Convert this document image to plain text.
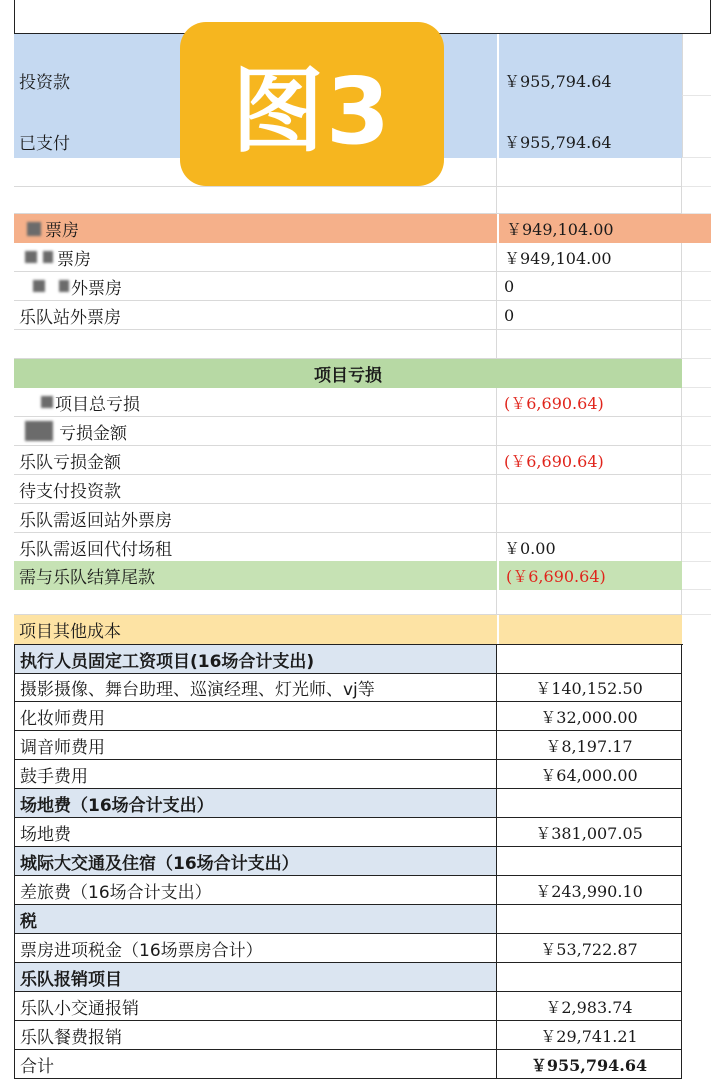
投资款	￥955,794.64
已支付	￥955,794.64
票房	￥949,104.00
票房	￥949,104.00
外票房	0
乐队站外票房	0
项目亏损
项目总亏损	(￥6,690.64)
亏损金额
乐队亏损金额	(￥6,690.64)
待支付投资款
乐队需返回站外票房
乐队需返回代付场租	￥0.00
需与乐队结算尾款	(￥6,690.64)
项目其他成本
执行人员固定工资项目(16场合计支出)
摄影摄像、舞台助理、巡演经理、灯光师、vj等	￥140,152.50
化妆师费用	￥32,000.00
调音师费用	￥8,197.17
鼓手费用	￥64,000.00
场地费（16场合计支出）
场地费	￥381,007.05
城际大交通及住宿（16场合计支出）
差旅费（16场合计支出）	￥243,990.10
税
票房进项税金（16场票房合计）	￥53,722.87
乐队报销项目
乐队小交通报销	￥2,983.74
乐队餐费报销	￥29,741.21
合计	￥955,794.64
图3
